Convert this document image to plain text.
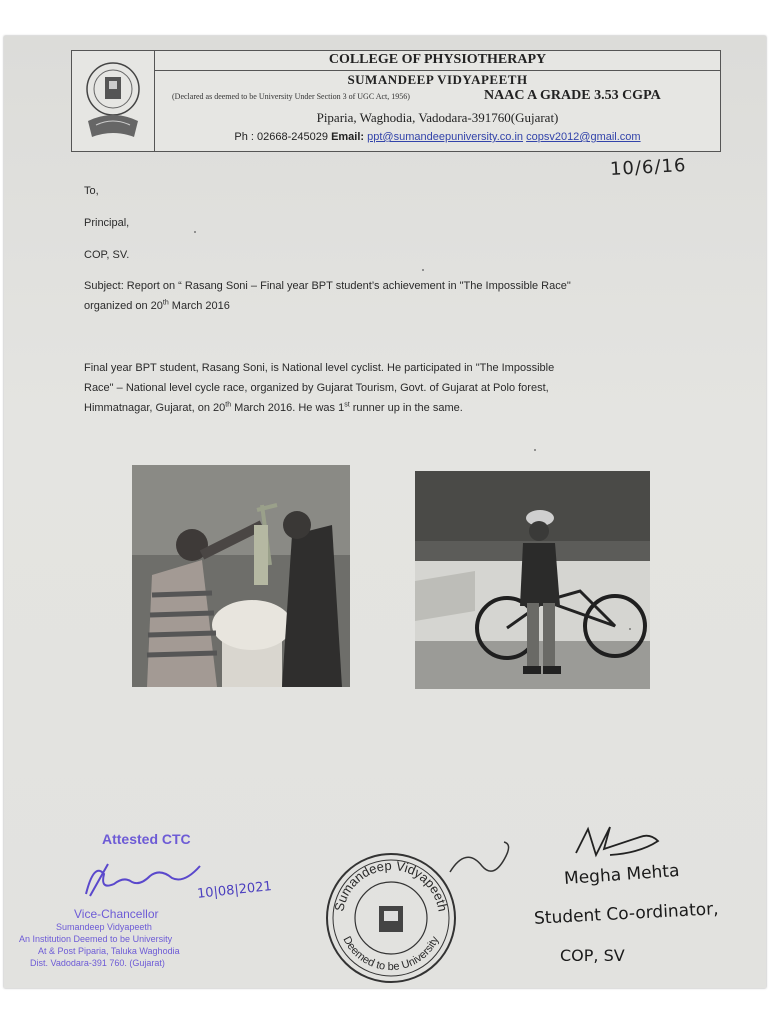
COLLEGE OF PHYSIOTHERAPY
SUMANDEEP VIDYAPEETH
(Declared as deemed to be University Under Section 3 of UGC Act, 1956)	NAAC A GRADE 3.53 CGPA
Piparia, Waghodia, Vadodara-391760(Gujarat)
Ph : 02668-245029 Email: ppt@sumandeepuniversity.co.in copsv2012@gmail.com
10/6/16
To,
Principal,
COP, SV.
Subject: Report on “ Rasang Soni – Final year BPT student’s achievement in "The Impossible Race"
organized on 20th March 2016
Final year BPT student, Rasang Soni, is National level cyclist. He participated in "The Impossible
Race" – National level cycle race, organized by Gujarat Tourism, Govt. of Gujarat at Polo forest,
Himmatnagar, Gujarat, on 20th March 2016. He was 1st runner up in the same.
Attested CTC
10|08|2021
Vice-Chancellor
Sumandeep Vidyapeeth
An Institution Deemed to be University
At & Post Piparia, Taluka Waghodia
Dist. Vadodara-391 760. (Gujarat)
Sumandeep Vidyapeeth
Deemed to be University
Megha Mehta
Student Co-ordinator,
COP, SV
